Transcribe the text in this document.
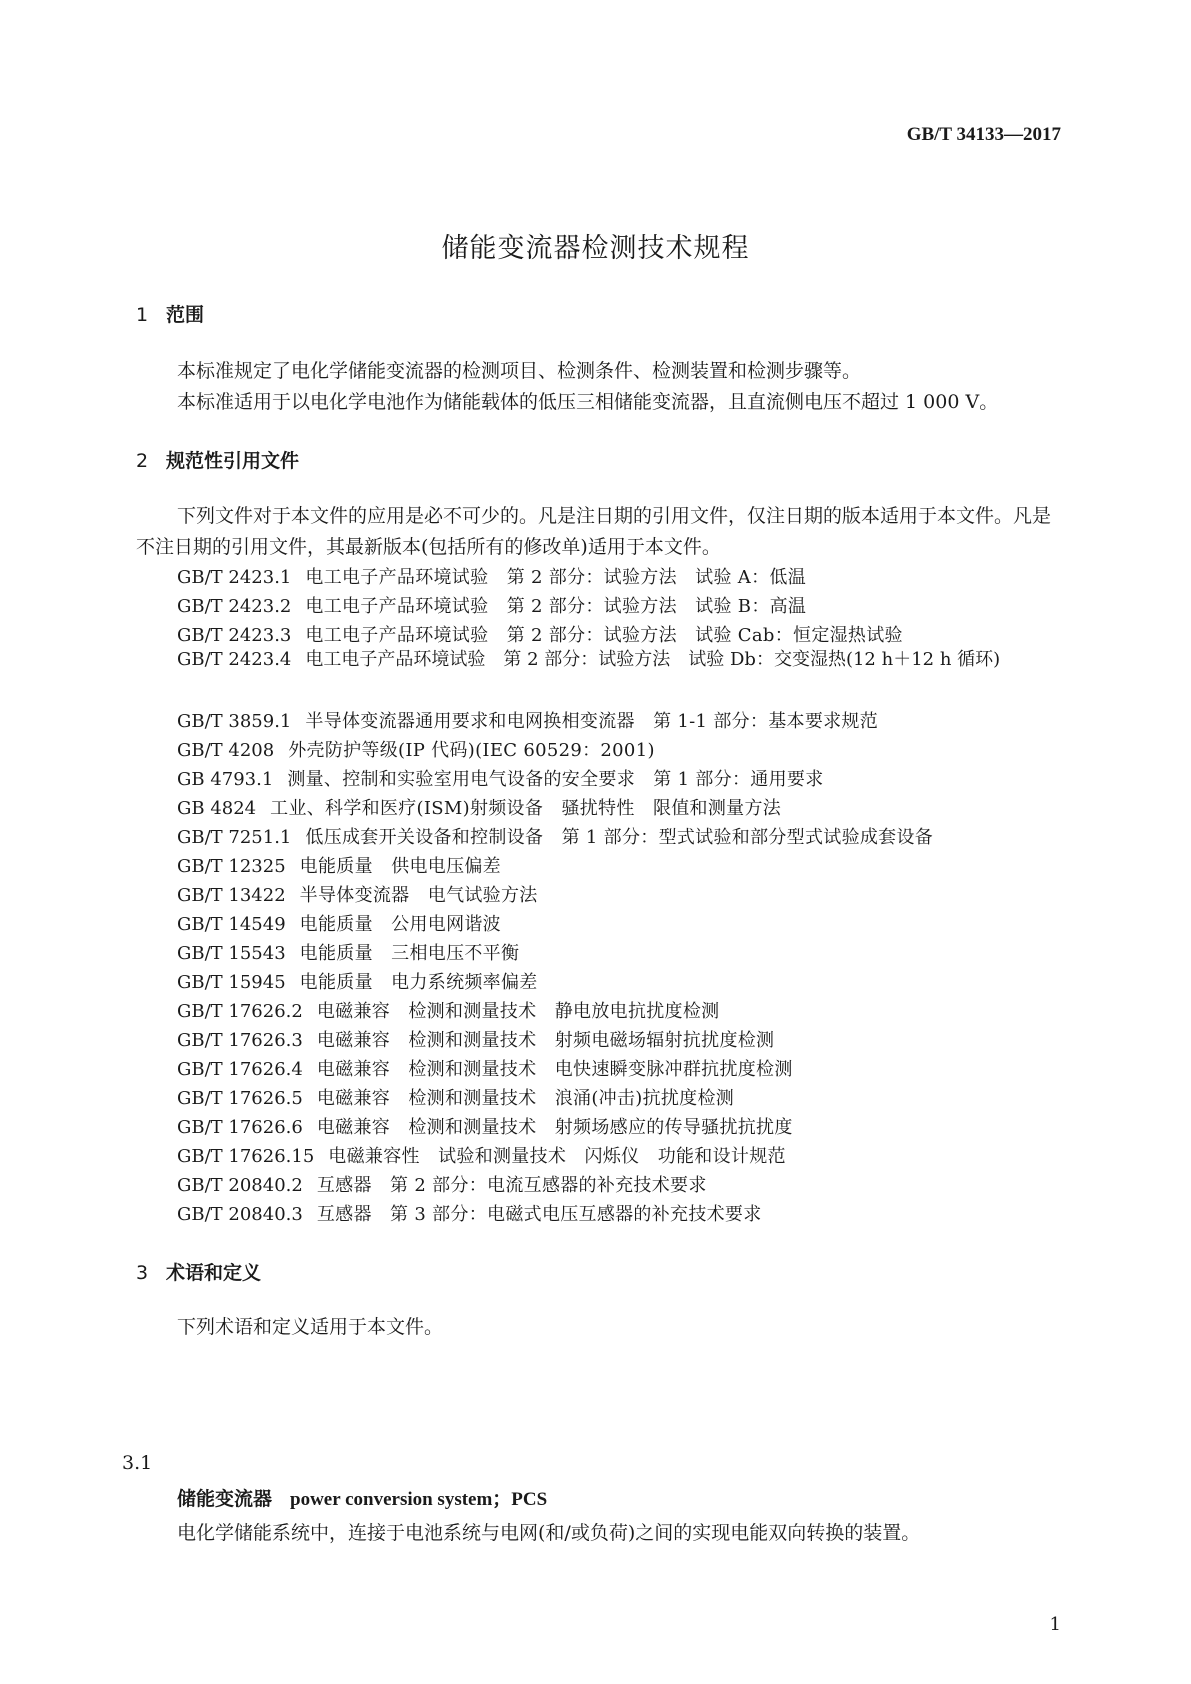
GB/T 34133—2017
储能变流器检测技术规程
1 范围
本标准规定了电化学储能变流器的检测项目、检测条件、检测装置和检测步骤等。
本标准适用于以电化学电池作为储能载体的低压三相储能变流器，且直流侧电压不超过 1 000 V。
2 规范性引用文件
下列文件对于本文件的应用是必不可少的。凡是注日期的引用文件，仅注日期的版本适用于本文件。凡是不注日期的引用文件，其最新版本(包括所有的修改单)适用于本文件。
GB/T 2423.1 电工电子产品环境试验　第 2 部分：试验方法　试验 A：低温
GB/T 2423.2 电工电子产品环境试验　第 2 部分：试验方法　试验 B：高温
GB/T 2423.3 电工电子产品环境试验　第 2 部分：试验方法　试验 Cab：恒定湿热试验
GB/T 2423.4 电工电子产品环境试验　第 2 部分：试验方法　试验 Db：交变湿热(12 h＋12 h 循环)
GB/T 3859.1 半导体变流器通用要求和电网换相变流器　第 1-1 部分：基本要求规范
GB/T 4208 外壳防护等级(IP 代码)(IEC 60529：2001)
GB 4793.1 测量、控制和实验室用电气设备的安全要求　第 1 部分：通用要求
GB 4824 工业、科学和医疗(ISM)射频设备　骚扰特性　限值和测量方法
GB/T 7251.1 低压成套开关设备和控制设备　第 1 部分：型式试验和部分型式试验成套设备
GB/T 12325 电能质量　供电电压偏差
GB/T 13422 半导体变流器　电气试验方法
GB/T 14549 电能质量　公用电网谐波
GB/T 15543 电能质量　三相电压不平衡
GB/T 15945 电能质量　电力系统频率偏差
GB/T 17626.2 电磁兼容　检测和测量技术　静电放电抗扰度检测
GB/T 17626.3 电磁兼容　检测和测量技术　射频电磁场辐射抗扰度检测
GB/T 17626.4 电磁兼容　检测和测量技术　电快速瞬变脉冲群抗扰度检测
GB/T 17626.5 电磁兼容　检测和测量技术　浪涌(冲击)抗扰度检测
GB/T 17626.6 电磁兼容　检测和测量技术　射频场感应的传导骚扰抗扰度
GB/T 17626.15 电磁兼容性　试验和测量技术　闪烁仪　功能和设计规范
GB/T 20840.2 互感器　第 2 部分：电流互感器的补充技术要求
GB/T 20840.3 互感器　第 3 部分：电磁式电压互感器的补充技术要求
3 术语和定义
下列术语和定义适用于本文件。
3.1
储能变流器 power conversion system；PCS
电化学储能系统中，连接于电池系统与电网(和/或负荷)之间的实现电能双向转换的装置。
1
